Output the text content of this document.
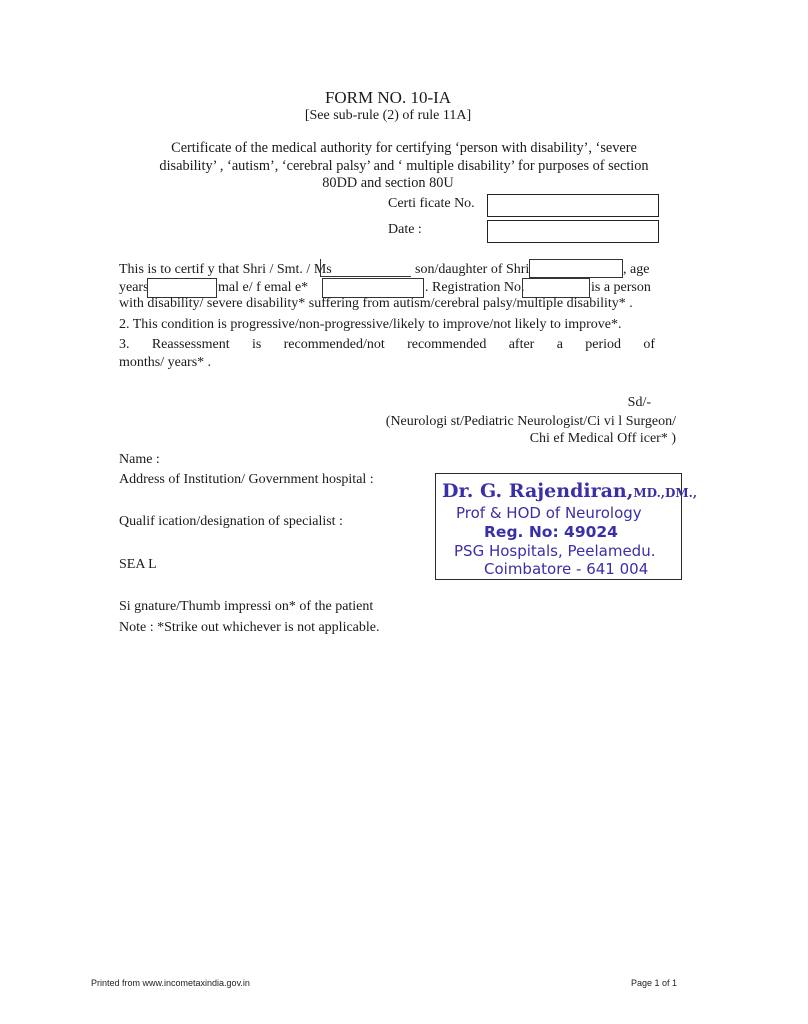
FORM NO. 10-IA
[See sub-rule (2) of rule 11A]
Certificate of the medical authority for certifying ‘person with disability’, ‘severe
disability’ , ‘autism’, ‘cerebral palsy’ and ‘ multiple disability’ for purposes of section
80DD and section 80U
Certi ficate No.
Date :
This is to certif y that Shri / Smt. / Ms	son/daughter of Shri	, age
years	mal e/ f emal e*	. Registration No.	is a person
with disability/ severe disability* suffering from autism/cerebral palsy/multiple disability* .
2. This condition is progressive/non-progressive/likely to improve/not likely to improve*.
3. Reassessment is recommended/not recommended after a period of
months/ years* .
Sd/-
(Neurologi st/Pediatric Neurologist/Ci vi l Surgeon/
Chi ef Medical Off icer* )
Name :
Address of Institution/ Government hospital :
Qualif ication/designation of specialist :
SEA L
Si gnature/Thumb impressi on* of the patient
Note : *Strike out whichever is not applicable.
Dr. G. Rajendiran,MD.,DM.,
Prof & HOD of Neurology
Reg. No: 49024
PSG Hospitals, Peelamedu.
Coimbatore - 641 004
Printed from www.incometaxindia.gov.in	Page 1 of 1
